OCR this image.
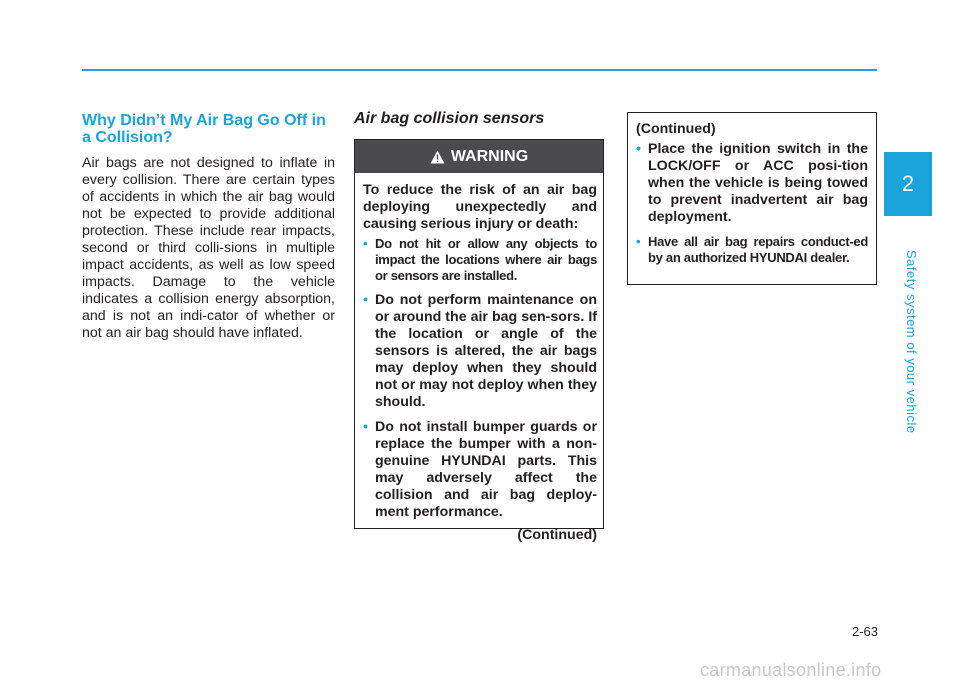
2
Safety system of your vehicle
Why Didn’t My Air Bag Go Off in a Collision?

Air bags are not designed to inflate in every collision. There are certain types of accidents in which the air bag would not be expected to provide additional protection. These include rear impacts, second or third colli-sions in multiple impact accidents, as well as low speed impacts. Damage to the vehicle indicates a collision energy absorption, and is not an indi-cator of whether or not an air bag should have inflated.

Air bag collision sensors
WARNING

To reduce the risk of an air bag deploying unexpectedly and causing serious injury or death:

• Do not hit or allow any objects to impact the locations where air bags or sensors are installed.
• Do not perform maintenance on or around the air bag sen-sors. If the location or angle of the sensors is altered, the air bags may deploy when they should not or may not deploy when they should.
• Do not install bumper guards or replace the bumper with a non-genuine HYUNDAI parts. This may adversely affect the collision and air bag deploy-ment performance.
(Continued)

(Continued)

• Place the ignition switch in the LOCK/OFF or ACC posi-tion when the vehicle is being towed to prevent inadvertent air bag deployment.
• Have all air bag repairs conduct-ed by an authorized HYUNDAI dealer.
2-63
carmanualsonline.info
